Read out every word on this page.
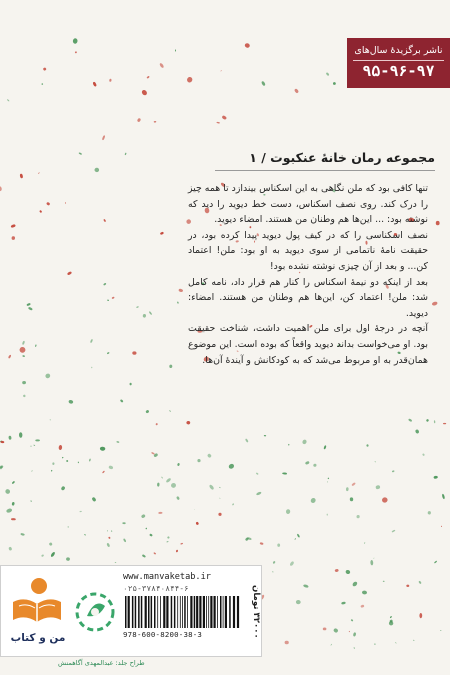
ناشر برگزیدهٔ سال‌های
۹۵-۹۶-۹۷
مجموعه رمان خانهٔ عنکبوت / ۱

تنها کافی بود که ملن نگاهی به این اسکناس بیندازد تا همه چیز را درک کند. روی نصف اسکناس، دست خط دیوید را دید که نوشته بود: ... این‌ها هم وطنان من هستند. امضاء دیوید.

نصف اسکناسی را که در کیف پول دیوید پیدا کرده بود، در حقیقت نامهٔ ناتمامی از سوی دیوید به او بود: ملن! اعتماد کن... و بعد از آن چیزی نوشته نشده بود!

بعد از اینکه دو نیمهٔ اسکناس را کنار هم قرار داد، نامه کامل شد: ملن! اعتماد کن، این‌ها هم وطنان من هستند. امضاء: دیوید.

آنچه در درجهٔ اول برای ملن اهمیت داشت، شناخت حقیقت بود. او می‌خواست بداند دیوید واقعاً که بوده است. این موضوع همان‌قدر به او مربوط می‌شد که به کودکانش و آیندهٔ آن‌ها.

من و کتاب
www.manvaketab.ir
۰۲۵-۳۷۸۴۰۸۴۴-۶
978-600-8200-38-3
۳۲۰۰۰ تومان
طراح جلد: عبدالمهدی آگاهمنش
